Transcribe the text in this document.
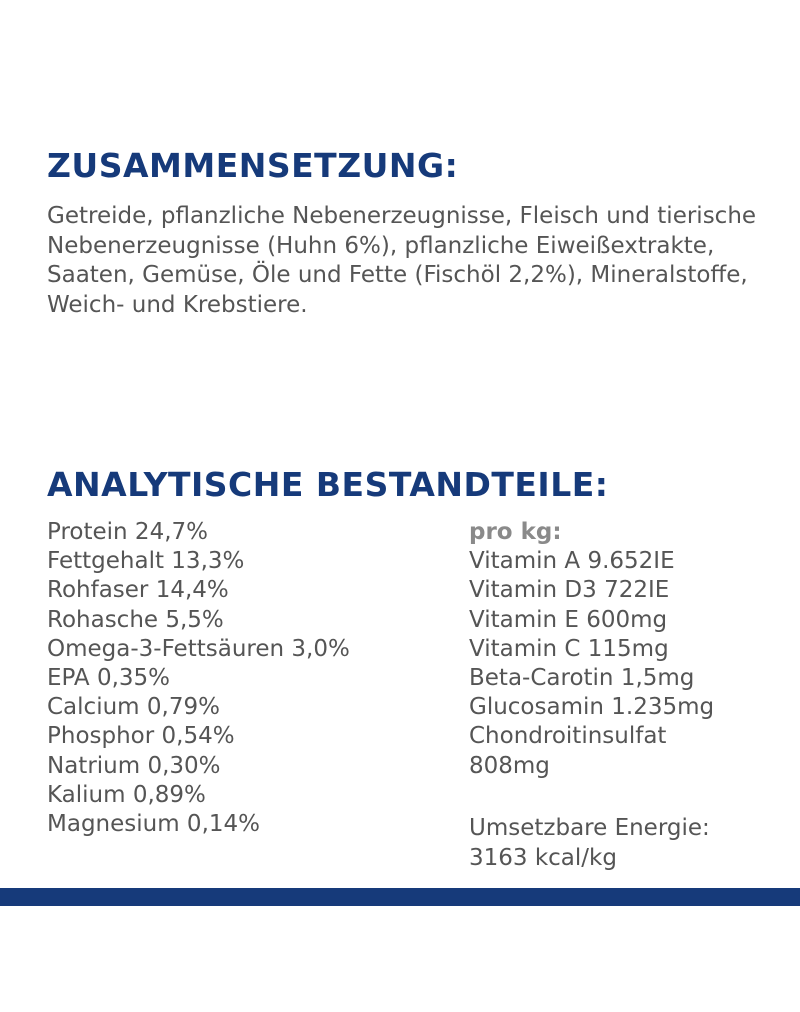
ZUSAMMENSETZUNG:

Getreide, pflanzliche Nebenerzeugnisse, Fleisch und tierische Nebenerzeugnisse (Huhn 6%), pflanzliche Eiweißextrakte, Saaten, Gemüse, Öle und Fette (Fischöl 2,2%), Mineralstoffe, Weich- und Krebstiere.

ANALYTISCHE BESTANDTEILE:
Protein 24,7%
Fettgehalt 13,3%
Rohfaser 14,4%
Rohasche 5,5%
Omega-3-Fettsäuren 3,0%
EPA 0,35%
Calcium 0,79%
Phosphor 0,54%
Natrium 0,30%
Kalium 0,89%
Magnesium 0,14%
pro kg:
Vitamin A 9.652IE
Vitamin D3 722IE
Vitamin E 600mg
Vitamin C 115mg
Beta-Carotin 1,5mg
Glucosamin 1.235mg
Chondroitinsulfat 808mg
Umsetzbare Energie:
3163 kcal/kg
